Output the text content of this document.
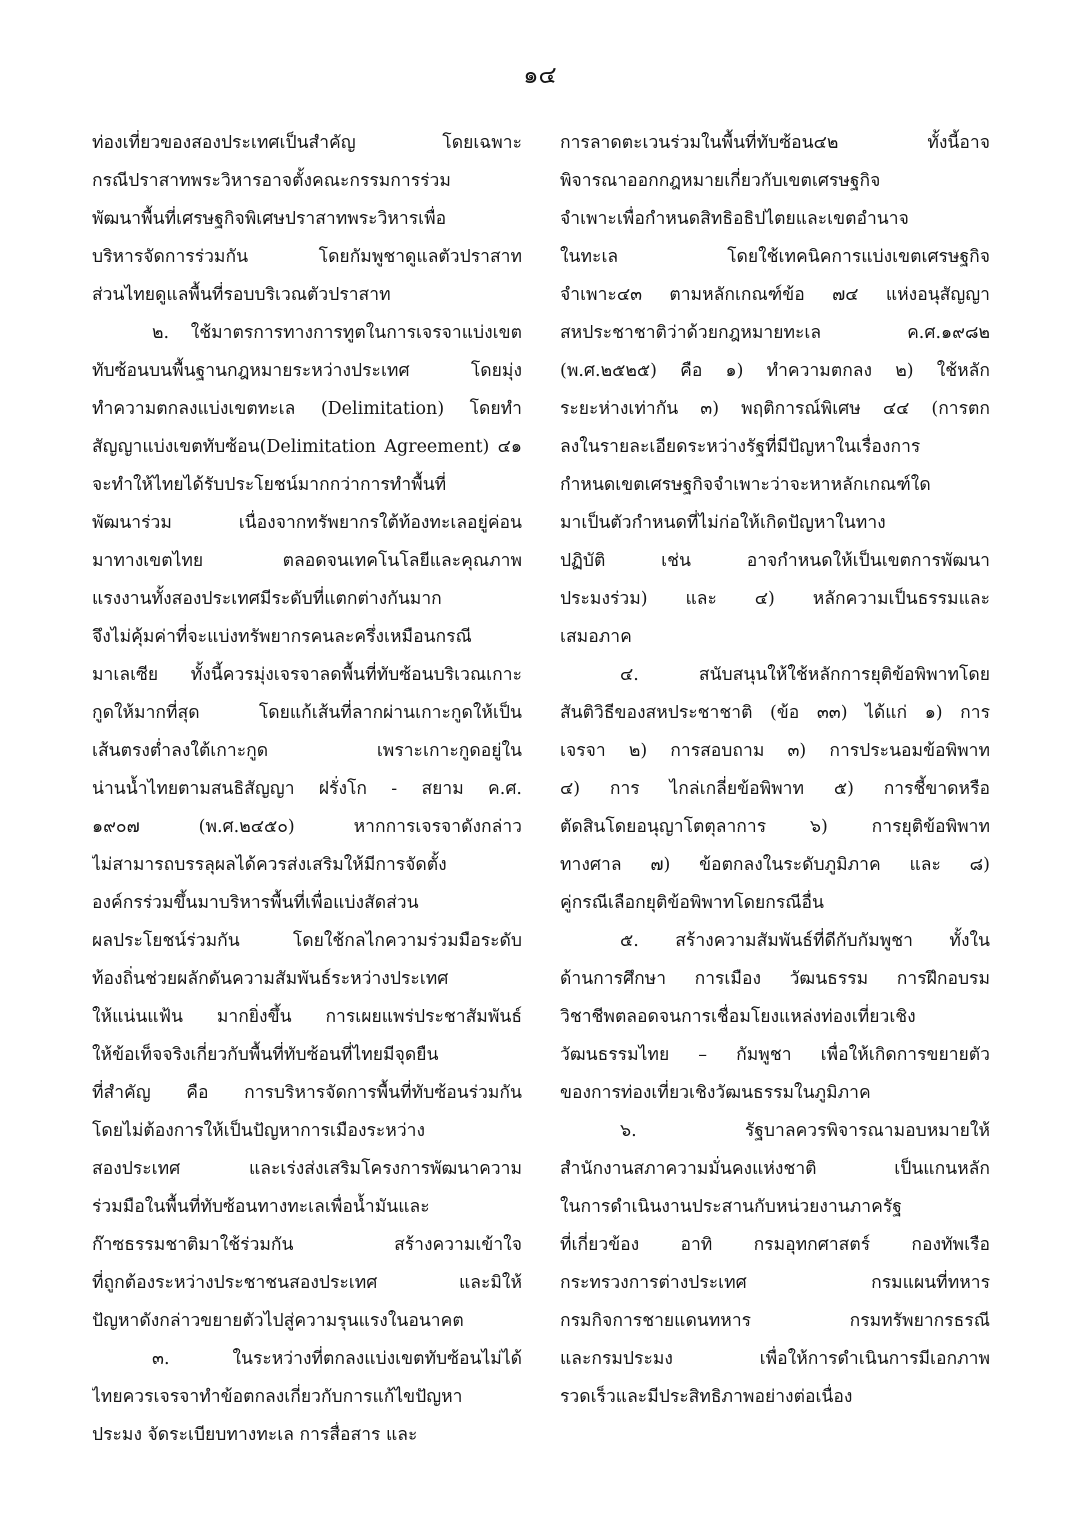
๑๔
ท่องเที่ยวของสองประเทศเป็นสำคัญ โดยเฉพาะ
กรณีปราสาทพระวิหารอาจตั้งคณะกรรมการร่วม
พัฒนาพื้นที่เศรษฐกิจพิเศษปราสาทพระวิหารเพื่อ
บริหารจัดการร่วมกัน โดยกัมพูชาดูแลตัวปราสาท
ส่วนไทยดูแลพื้นที่รอบบริเวณตัวปราสาท
๒. ใช้มาตรการทางการทูตในการเจรจาแบ่งเขต
ทับซ้อนบนพื้นฐานกฎหมายระหว่างประเทศ โดยมุ่ง
ทำความตกลงแบ่งเขตทะเล (Delimitation) โดยทำ
สัญญาแบ่งเขตทับซ้อน(Delimitation Agreement) ๔๑
จะทำให้ไทยได้รับประโยชน์มากกว่าการทำพื้นที่
พัฒนาร่วม เนื่องจากทรัพยากรใต้ท้องทะเลอยู่ค่อน
มาทางเขตไทย ตลอดจนเทคโนโลยีและคุณภาพ
แรงงานทั้งสองประเทศมีระดับที่แตกต่างกันมาก
จึงไม่คุ้มค่าที่จะแบ่งทรัพยากรคนละครึ่งเหมือนกรณี
มาเลเซีย ทั้งนี้ควรมุ่งเจรจาลดพื้นที่ทับซ้อนบริเวณเกาะ
กูดให้มากที่สุด โดยแก้เส้นที่ลากผ่านเกาะกูดให้เป็น
เส้นตรงต่ำลงใต้เกาะกูด เพราะเกาะกูดอยู่ใน
น่านน้ำไทยตามสนธิสัญญา ฝรั่งโก - สยาม ค.ศ.
๑๙๐๗ (พ.ศ.๒๔๕๐) หากการเจรจาดังกล่าว
ไม่สามารถบรรลุผลได้ควรส่งเสริมให้มีการจัดตั้ง
องค์กรร่วมขึ้นมาบริหารพื้นที่เพื่อแบ่งสัดส่วน
ผลประโยชน์ร่วมกัน โดยใช้กลไกความร่วมมือระดับ
ท้องถิ่นช่วยผลักดันความสัมพันธ์ระหว่างประเทศ
ให้แน่นแฟ้น มากยิ่งขึ้น การเผยแพร่ประชาสัมพันธ์
ให้ข้อเท็จจริงเกี่ยวกับพื้นที่ทับซ้อนที่ไทยมีจุดยืน
ที่สำคัญ คือ การบริหารจัดการพื้นที่ทับซ้อนร่วมกัน
โดยไม่ต้องการให้เป็นปัญหาการเมืองระหว่าง
สองประเทศ และเร่งส่งเสริมโครงการพัฒนาความ
ร่วมมือในพื้นที่ทับซ้อนทางทะเลเพื่อน้ำมันและ
ก๊าซธรรมชาติมาใช้ร่วมกัน สร้างความเข้าใจ
ที่ถูกต้องระหว่างประชาชนสองประเทศ และมิให้
ปัญหาดังกล่าวขยายตัวไปสู่ความรุนแรงในอนาคต
๓. ในระหว่างที่ตกลงแบ่งเขตทับซ้อนไม่ได้
ไทยควรเจรจาทำข้อตกลงเกี่ยวกับการแก้ไขปัญหา
ประมง จัดระเบียบทางทะเล การสื่อสาร และ
การลาดตะเวนร่วมในพื้นที่ทับซ้อน๔๒ ทั้งนี้อาจ
พิจารณาออกกฎหมายเกี่ยวกับเขตเศรษฐกิจ
จำเพาะเพื่อกำหนดสิทธิอธิปไตยและเขตอำนาจ
ในทะเล โดยใช้เทคนิคการแบ่งเขตเศรษฐกิจ
จำเพาะ๔๓ ตามหลักเกณฑ์ข้อ ๗๔ แห่งอนุสัญญา
สหประชาชาติว่าด้วยกฎหมายทะเล ค.ศ.๑๙๘๒
(พ.ศ.๒๕๒๕) คือ ๑) ทำความตกลง ๒) ใช้หลัก
ระยะห่างเท่ากัน ๓) พฤติการณ์พิเศษ ๔๔ (การตก
ลงในรายละเอียดระหว่างรัฐที่มีปัญหาในเรื่องการ
กำหนดเขตเศรษฐกิจจำเพาะว่าจะหาหลักเกณฑ์ใด
มาเป็นตัวกำหนดที่ไม่ก่อให้เกิดปัญหาในทาง
ปฏิบัติ เช่น อาจกำหนดให้เป็นเขตการพัฒนา
ประมงร่วม) และ ๔) หลักความเป็นธรรมและ
เสมอภาค
๔. สนับสนุนให้ใช้หลักการยุติข้อพิพาทโดย
สันติวิธีของสหประชาชาติ (ข้อ ๓๓) ได้แก่ ๑) การ
เจรจา ๒) การสอบถาม ๓) การประนอมข้อพิพาท
๔) การ ไกล่เกลี่ยข้อพิพาท ๕) การชี้ขาดหรือ
ตัดสินโดยอนุญาโตตุลาการ ๖) การยุติข้อพิพาท
ทางศาล ๗) ข้อตกลงในระดับภูมิภาค และ ๘)
คู่กรณีเลือกยุติข้อพิพาทโดยกรณีอื่น
๕. สร้างความสัมพันธ์ที่ดีกับกัมพูชา ทั้งใน
ด้านการศึกษา การเมือง วัฒนธรรม การฝึกอบรม
วิชาชีพตลอดจนการเชื่อมโยงแหล่งท่องเที่ยวเชิง
วัฒนธรรมไทย – กัมพูชา เพื่อให้เกิดการขยายตัว
ของการท่องเที่ยวเชิงวัฒนธรรมในภูมิภาค
๖. รัฐบาลควรพิจารณามอบหมายให้
สำนักงานสภาความมั่นคงแห่งชาติ เป็นแกนหลัก
ในการดำเนินงานประสานกับหน่วยงานภาครัฐ
ที่เกี่ยวข้อง อาทิ กรมอุทกศาสตร์ กองทัพเรือ
กระทรวงการต่างประเทศ กรมแผนที่ทหาร
กรมกิจการชายแดนทหาร กรมทรัพยากรธรณี
และกรมประมง เพื่อให้การดำเนินการมีเอกภาพ
รวดเร็วและมีประสิทธิภาพอย่างต่อเนื่อง
